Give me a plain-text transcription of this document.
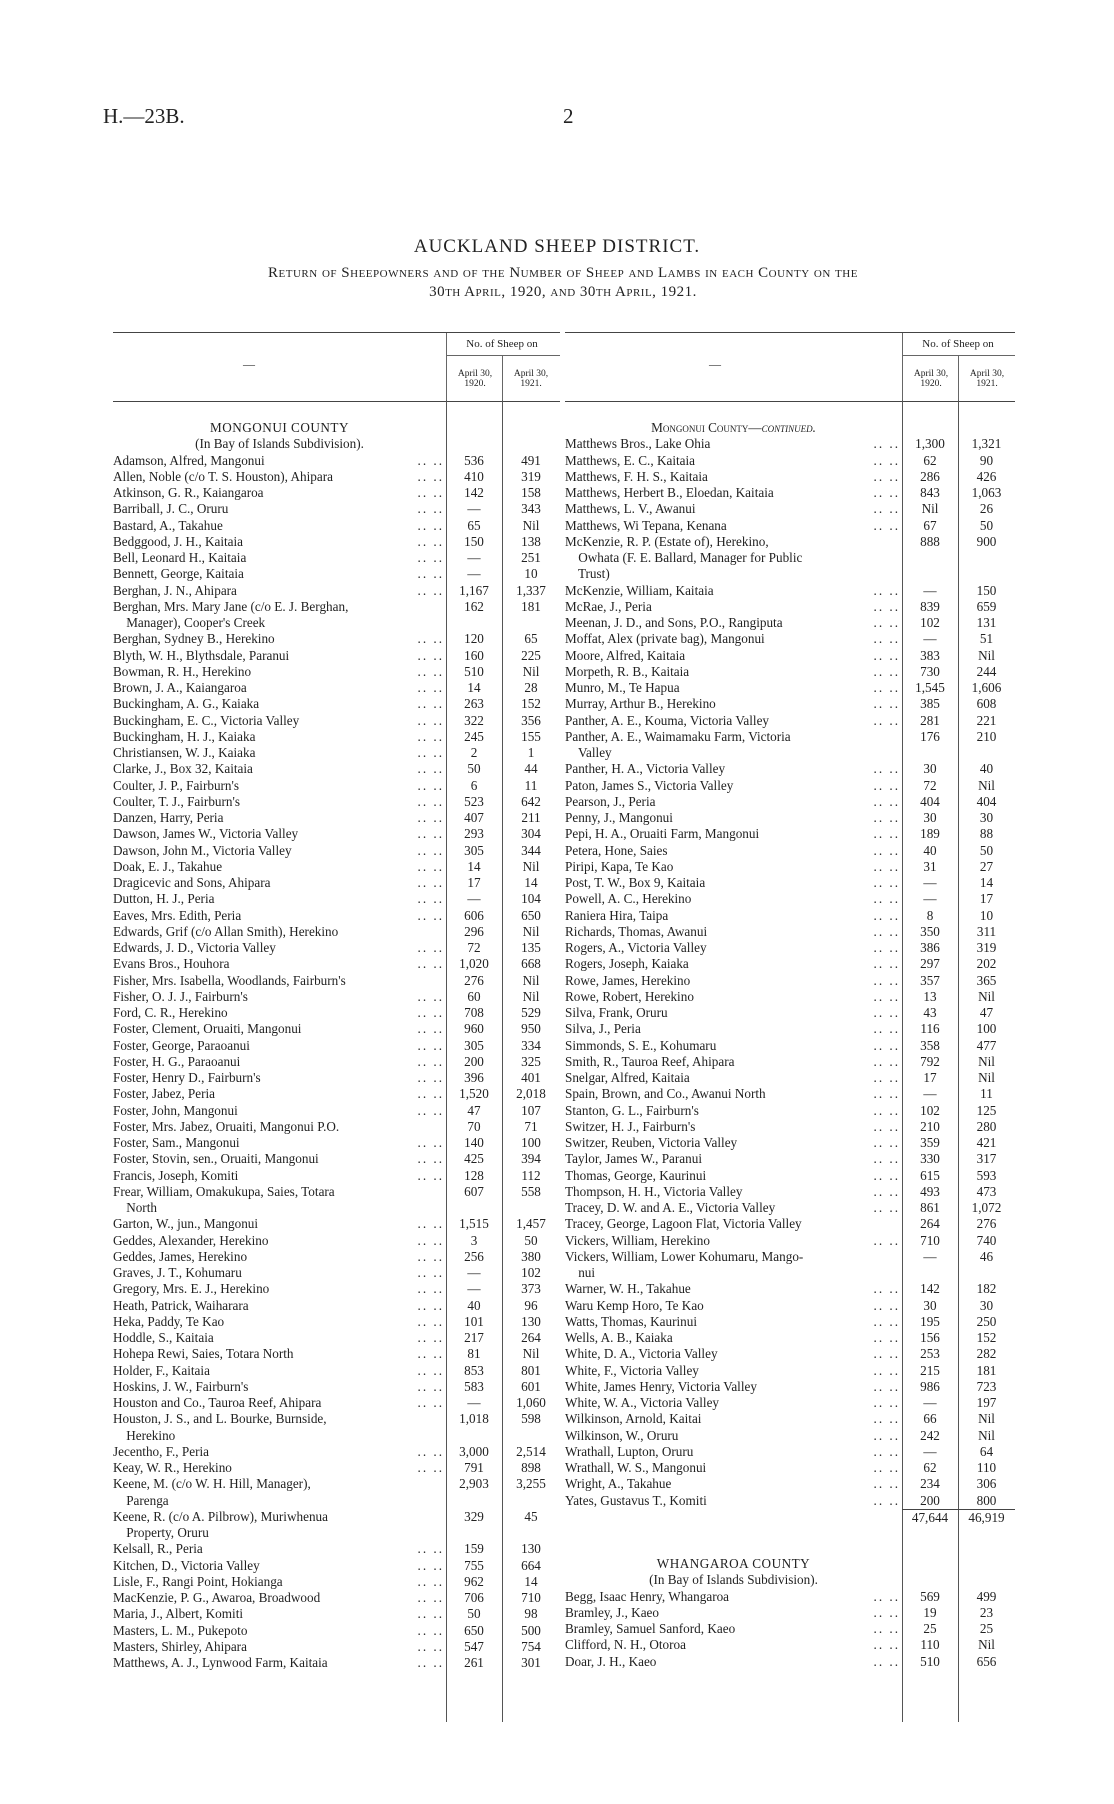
H.—23B.	2
AUCKLAND SHEEP DISTRICT.
Return of Sheepowners and of the Number of Sheep and Lambs in each County on the
30th April, 1920, and 30th April, 1921.
—
No. of Sheep on
April 30,
1920.
April 30,
1921.
MONGONUI COUNTY
(In Bay of Islands Subdivision).
Adamson, Alfred, Mangonui	.. ..	536	491
Allen, Noble (c/o T. S. Houston), Ahipara	.. ..	410	319
Atkinson, G. R., Kaiangaroa	.. ..	142	158
Barriball, J. C., Oruru	.. ..	—	343
Bastard, A., Takahue	.. ..	65	Nil
Bedggood, J. H., Kaitaia	.. ..	150	138
Bell, Leonard H., Kaitaia	.. ..	—	251
Bennett, George, Kaitaia	.. ..	—	10
Berghan, J. N., Ahipara	.. ..	1,167	1,337
Berghan, Mrs. Mary Jane (c/o E. J. Berghan,	162	181
Manager), Cooper's Creek
Berghan, Sydney B., Herekino	.. ..	120	65
Blyth, W. H., Blythsdale, Paranui	.. ..	160	225
Bowman, R. H., Herekino	.. ..	510	Nil
Brown, J. A., Kaiangaroa	.. ..	14	28
Buckingham, A. G., Kaiaka	.. ..	263	152
Buckingham, E. C., Victoria Valley	.. ..	322	356
Buckingham, H. J., Kaiaka	.. ..	245	155
Christiansen, W. J., Kaiaka	.. ..	2	1
Clarke, J., Box 32, Kaitaia	.. ..	50	44
Coulter, J. P., Fairburn's	.. ..	6	11
Coulter, T. J., Fairburn's	.. ..	523	642
Danzen, Harry, Peria	.. ..	407	211
Dawson, James W., Victoria Valley	.. ..	293	304
Dawson, John M., Victoria Valley	.. ..	305	344
Doak, E. J., Takahue	.. ..	14	Nil
Dragicevic and Sons, Ahipara	.. ..	17	14
Dutton, H. J., Peria	.. ..	—	104
Eaves, Mrs. Edith, Peria	.. ..	606	650
Edwards, Grif (c/o Allan Smith), Herekino	296	Nil
Edwards, J. D., Victoria Valley	.. ..	72	135
Evans Bros., Houhora	.. ..	1,020	668
Fisher, Mrs. Isabella, Woodlands, Fairburn's	276	Nil
Fisher, O. J. J., Fairburn's	.. ..	60	Nil
Ford, C. R., Herekino	.. ..	708	529
Foster, Clement, Oruaiti, Mangonui	.. ..	960	950
Foster, George, Paraoanui	.. ..	305	334
Foster, H. G., Paraoanui	.. ..	200	325
Foster, Henry D., Fairburn's	.. ..	396	401
Foster, Jabez, Peria	.. ..	1,520	2,018
Foster, John, Mangonui	.. ..	47	107
Foster, Mrs. Jabez, Oruaiti, Mangonui P.O.	70	71
Foster, Sam., Mangonui	.. ..	140	100
Foster, Stovin, sen., Oruaiti, Mangonui	.. ..	425	394
Francis, Joseph, Komiti	.. ..	128	112
Frear, William, Omakukupa, Saies, Totara	607	558
North
Garton, W., jun., Mangonui	.. ..	1,515	1,457
Geddes, Alexander, Herekino	.. ..	3	50
Geddes, James, Herekino	.. ..	256	380
Graves, J. T., Kohumaru	.. ..	—	102
Gregory, Mrs. E. J., Herekino	.. ..	—	373
Heath, Patrick, Waiharara	.. ..	40	96
Heka, Paddy, Te Kao	.. ..	101	130
Hoddle, S., Kaitaia	.. ..	217	264
Hohepa Rewi, Saies, Totara North	.. ..	81	Nil
Holder, F., Kaitaia	.. ..	853	801
Hoskins, J. W., Fairburn's	.. ..	583	601
Houston and Co., Tauroa Reef, Ahipara	.. ..	—	1,060
Houston, J. S., and L. Bourke, Burnside,	1,018	598
Herekino
Jecentho, F., Peria	.. ..	3,000	2,514
Keay, W. R., Herekino	.. ..	791	898
Keene, M. (c/o W. H. Hill, Manager),	2,903	3,255
Parenga
Keene, R. (c/o A. Pilbrow), Muriwhenua	329	45
Property, Oruru
Kelsall, R., Peria	.. ..	159	130
Kitchen, D., Victoria Valley	.. ..	755	664
Lisle, F., Rangi Point, Hokianga	.. ..	962	14
MacKenzie, P. G., Awaroa, Broadwood	.. ..	706	710
Maria, J., Albert, Komiti	.. ..	50	98
Masters, L. M., Pukepoto	.. ..	650	500
Masters, Shirley, Ahipara	.. ..	547	754
Matthews, A. J., Lynwood Farm, Kaitaia	.. ..	261	301
—
No. of Sheep on
April 30,
1920.
April 30,
1921.
Mongonui County—continued.
Matthews Bros., Lake Ohia	.. ..	1,300	1,321
Matthews, E. C., Kaitaia	.. ..	62	90
Matthews, F. H. S., Kaitaia	.. ..	286	426
Matthews, Herbert B., Eloedan, Kaitaia	.. ..	843	1,063
Matthews, L. V., Awanui	.. ..	Nil	26
Matthews, Wi Tepana, Kenana	.. ..	67	50
McKenzie, R. P. (Estate of), Herekino,	888	900
Owhata (F. E. Ballard, Manager for Public
Trust)
McKenzie, William, Kaitaia	.. ..	—	150
McRae, J., Peria	.. ..	839	659
Meenan, J. D., and Sons, P.O., Rangiputa	.. ..	102	131
Moffat, Alex (private bag), Mangonui	.. ..	—	51
Moore, Alfred, Kaitaia	.. ..	383	Nil
Morpeth, R. B., Kaitaia	.. ..	730	244
Munro, M., Te Hapua	.. ..	1,545	1,606
Murray, Arthur B., Herekino	.. ..	385	608
Panther, A. E., Kouma, Victoria Valley	.. ..	281	221
Panther, A. E., Waimamaku Farm, Victoria	176	210
Valley
Panther, H. A., Victoria Valley	.. ..	30	40
Paton, James S., Victoria Valley	.. ..	72	Nil
Pearson, J., Peria	.. ..	404	404
Penny, J., Mangonui	.. ..	30	30
Pepi, H. A., Oruaiti Farm, Mangonui	.. ..	189	88
Petera, Hone, Saies	.. ..	40	50
Piripi, Kapa, Te Kao	.. ..	31	27
Post, T. W., Box 9, Kaitaia	.. ..	—	14
Powell, A. C., Herekino	.. ..	—	17
Raniera Hira, Taipa	.. ..	8	10
Richards, Thomas, Awanui	.. ..	350	311
Rogers, A., Victoria Valley	.. ..	386	319
Rogers, Joseph, Kaiaka	.. ..	297	202
Rowe, James, Herekino	.. ..	357	365
Rowe, Robert, Herekino	.. ..	13	Nil
Silva, Frank, Oruru	.. ..	43	47
Silva, J., Peria	.. ..	116	100
Simmonds, S. E., Kohumaru	.. ..	358	477
Smith, R., Tauroa Reef, Ahipara	.. ..	792	Nil
Snelgar, Alfred, Kaitaia	.. ..	17	Nil
Spain, Brown, and Co., Awanui North	.. ..	—	11
Stanton, G. L., Fairburn's	.. ..	102	125
Switzer, H. J., Fairburn's	.. ..	210	280
Switzer, Reuben, Victoria Valley	.. ..	359	421
Taylor, James W., Paranui	.. ..	330	317
Thomas, George, Kaurinui	.. ..	615	593
Thompson, H. H., Victoria Valley	.. ..	493	473
Tracey, D. W. and A. E., Victoria Valley	.. ..	861	1,072
Tracey, George, Lagoon Flat, Victoria Valley	264	276
Vickers, William, Herekino	.. ..	710	740
Vickers, William, Lower Kohumaru, Mango-	—	46
nui
Warner, W. H., Takahue	.. ..	142	182
Waru Kemp Horo, Te Kao	.. ..	30	30
Watts, Thomas, Kaurinui	.. ..	195	250
Wells, A. B., Kaiaka	.. ..	156	152
White, D. A., Victoria Valley	.. ..	253	282
White, F., Victoria Valley	.. ..	215	181
White, James Henry, Victoria Valley	.. ..	986	723
White, W. A., Victoria Valley	.. ..	—	197
Wilkinson, Arnold, Kaitai	.. ..	66	Nil
Wilkinson, W., Oruru	.. ..	242	Nil
Wrathall, Lupton, Oruru	.. ..	—	64
Wrathall, W. S., Mangonui	.. ..	62	110
Wright, A., Takahue	.. ..	234	306
Yates, Gustavus T., Komiti	.. ..	200	800
47,644	46,919
WHANGAROA COUNTY
(In Bay of Islands Subdivision).
Begg, Isaac Henry, Whangaroa	.. ..	569	499
Bramley, J., Kaeo	.. ..	19	23
Bramley, Samuel Sanford, Kaeo	.. ..	25	25
Clifford, N. H., Otoroa	.. ..	110	Nil
Doar, J. H., Kaeo	.. ..	510	656
